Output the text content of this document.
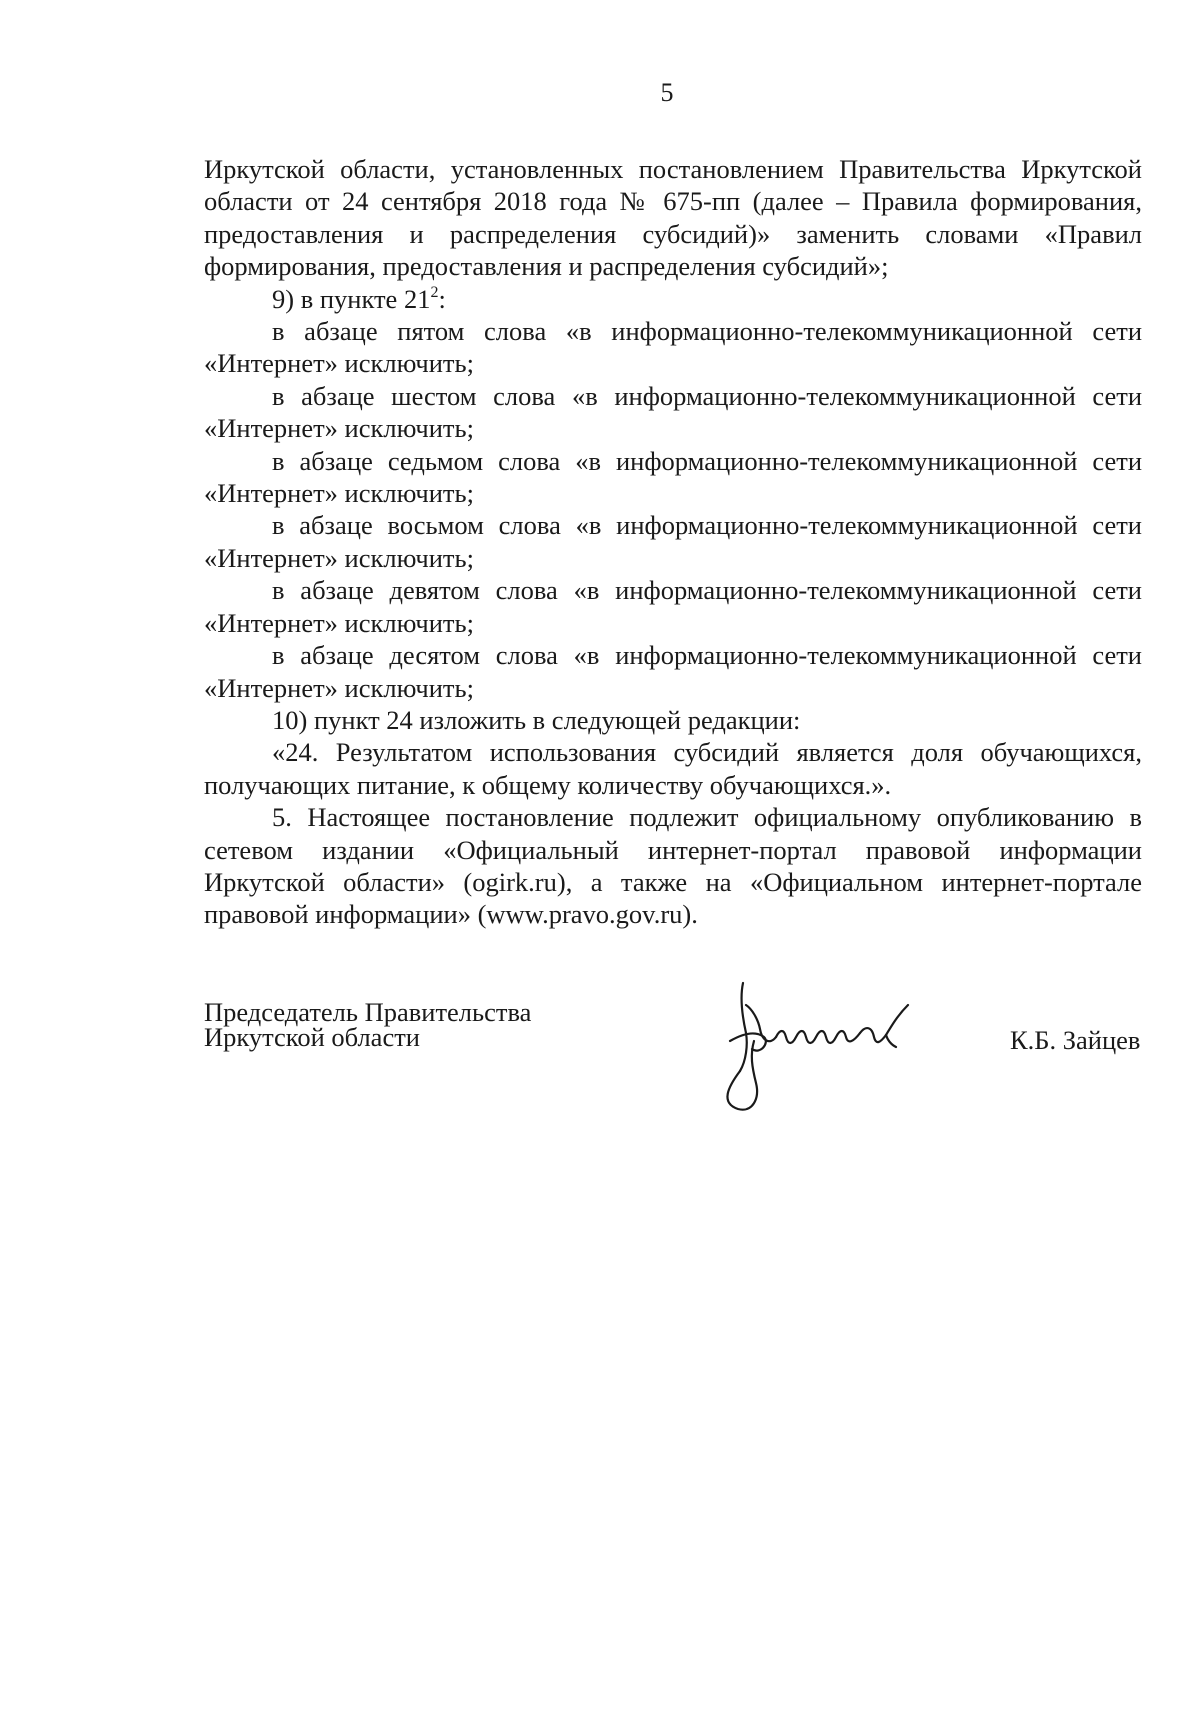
5

Иркутской области, установленных постановлением Правительства Иркутской области от 24 сентября 2018 года № 675-пп (далее – Правила формирования, предоставления и распределения субсидий)» заменить словами «Правил формирования, предоставления и распределения субсидий»;

9) в пункте $21^2$:

в абзаце пятом слова «в информационно-телекоммуникационной сети «Интернет» исключить;

в абзаце шестом слова «в информационно-телекоммуникационной сети «Интернет» исключить;

в абзаце седьмом слова «в информационно-телекоммуникационной сети «Интернет» исключить;

в абзаце восьмом слова «в информационно-телекоммуникационной сети «Интернет» исключить;

в абзаце девятом слова «в информационно-телекоммуникационной сети «Интернет» исключить;

в абзаце десятом слова «в информационно-телекоммуникационной сети «Интернет» исключить;

10) пункт 24 изложить в следующей редакции:

«24. Результатом использования субсидий является доля обучающихся, получающих питание, к общему количеству обучающихся.».

5. Настоящее постановление подлежит официальному опубликованию в сетевом издании «Официальный интернет-портал правовой информации Иркутской области» (ogirk.ru), а также на «Официальном интернет-портале правовой информации» (www.pravo.gov.ru).

Председатель Правительства
Иркутской области	К.Б. Зайцев
